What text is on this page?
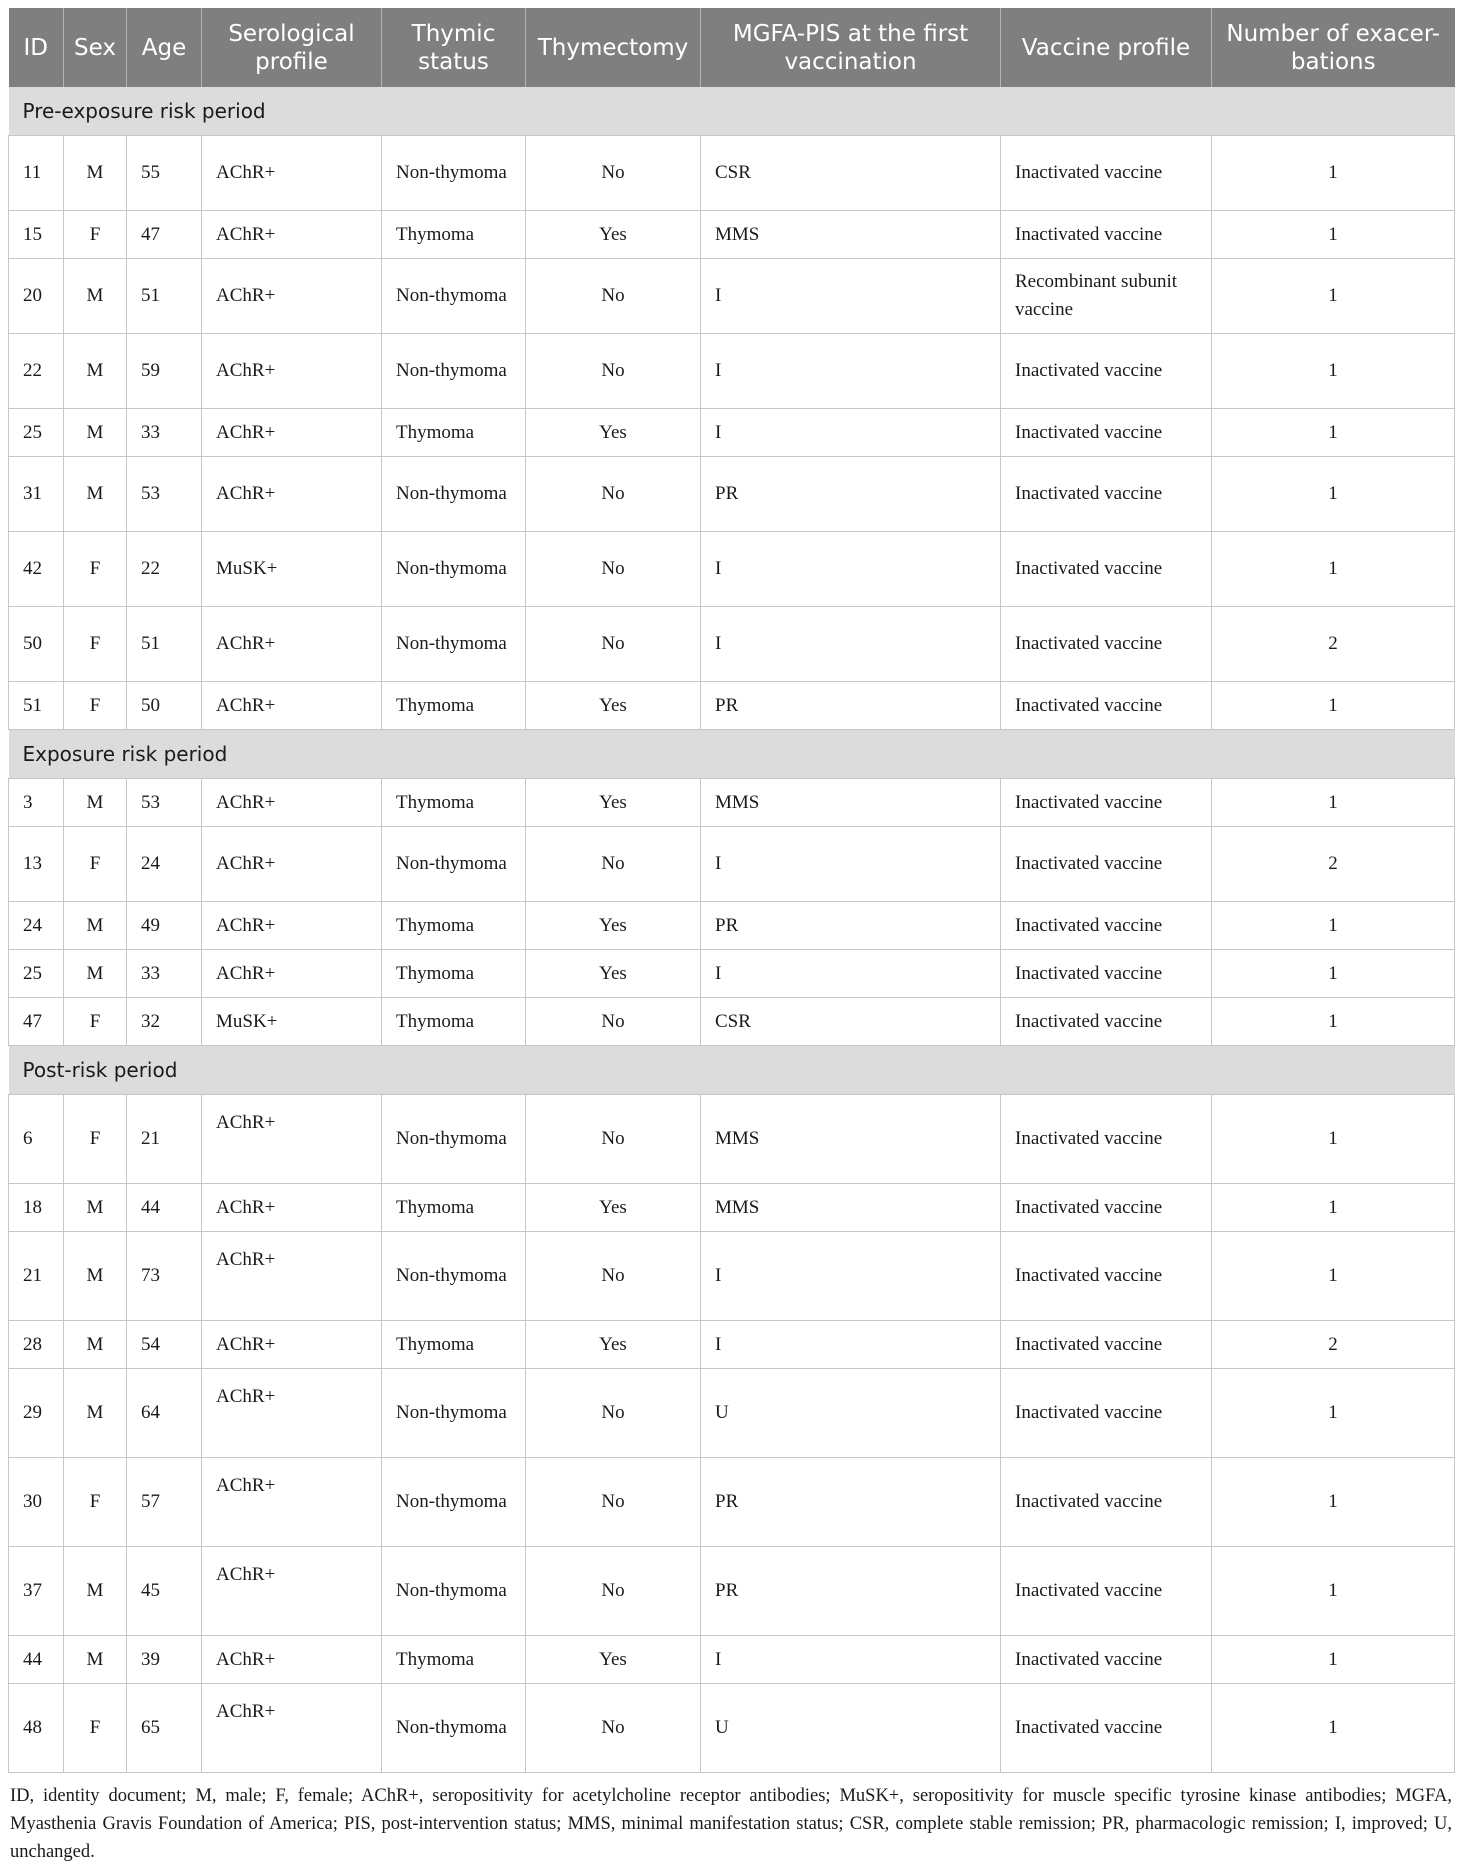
ID	Sex	Age	Serological profile	Thymic status	Thymectomy	MGFA-PIS at the first vaccination	Vaccine profile	Number of exacer-bations
Pre-exposure risk period								
11	M	55	AChR+	Non-thymoma	No	CSR	Inactivated vaccine	1
15	F	47	AChR+	Thymoma	Yes	MMS	Inactivated vaccine	1
20	M	51	AChR+	Non-thymoma	No	I	Recombinant subunit vaccine	1
22	M	59	AChR+	Non-thymoma	No	I	Inactivated vaccine	1
25	M	33	AChR+	Thymoma	Yes	I	Inactivated vaccine	1
31	M	53	AChR+	Non-thymoma	No	PR	Inactivated vaccine	1
42	F	22	MuSK+	Non-thymoma	No	I	Inactivated vaccine	1
50	F	51	AChR+	Non-thymoma	No	I	Inactivated vaccine	2
51	F	50	AChR+	Thymoma	Yes	PR	Inactivated vaccine	1
Exposure risk period								
3	M	53	AChR+	Thymoma	Yes	MMS	Inactivated vaccine	1
13	F	24	AChR+	Non-thymoma	No	I	Inactivated vaccine	2
24	M	49	AChR+	Thymoma	Yes	PR	Inactivated vaccine	1
25	M	33	AChR+	Thymoma	Yes	I	Inactivated vaccine	1
47	F	32	MuSK+	Thymoma	No	CSR	Inactivated vaccine	1
Post-risk period								
6	F	21	AChR+	Non-thymoma	No	MMS	Inactivated vaccine	1
18	M	44	AChR+	Thymoma	Yes	MMS	Inactivated vaccine	1
21	M	73	AChR+	Non-thymoma	No	I	Inactivated vaccine	1
28	M	54	AChR+	Thymoma	Yes	I	Inactivated vaccine	2
29	M	64	AChR+	Non-thymoma	No	U	Inactivated vaccine	1
30	F	57	AChR+	Non-thymoma	No	PR	Inactivated vaccine	1
37	M	45	AChR+	Non-thymoma	No	PR	Inactivated vaccine	1
44	M	39	AChR+	Thymoma	Yes	I	Inactivated vaccine	1
48	F	65	AChR+	Non-thymoma	No	U	Inactivated vaccine	1
ID, identity document; M, male; F, female; AChR+, seropositivity for acetylcholine receptor antibodies; MuSK+, seropositivity for muscle specific tyrosine kinase antibodies; MGFA, Myasthenia Gravis Foundation of America; PIS, post-intervention status; MMS, minimal manifestation status; CSR, complete stable remission; PR, pharmacologic remission; I, improved; U, unchanged.
